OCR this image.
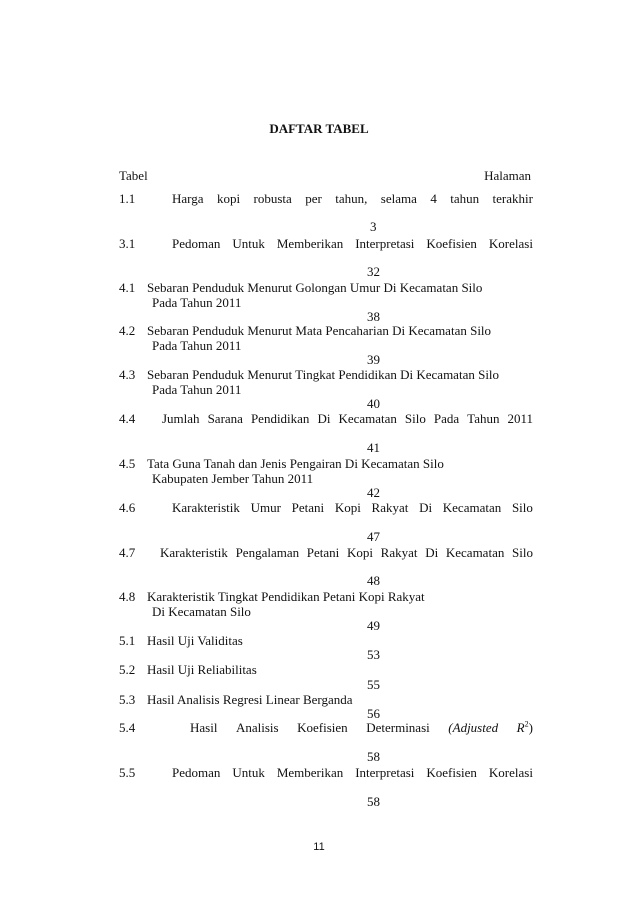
DAFTAR TABEL
Tabel	Halaman
1.1	Harga kopi robusta per tahun, selama 4 tahun terakhir
3
3.1	Pedoman Untuk Memberikan Interpretasi Koefisien Korelasi
32
4.1 Sebaran Penduduk Menurut Golongan Umur Di Kecamatan Silo
Pada Tahun 2011
38
4.2 Sebaran Penduduk Menurut Mata Pencaharian Di Kecamatan Silo
Pada Tahun 2011
39
4.3 Sebaran Penduduk Menurut Tingkat Pendidikan Di Kecamatan Silo
Pada Tahun 2011
40
4.4 Jumlah Sarana Pendidikan Di Kecamatan Silo Pada Tahun 2011
41
4.5 Tata Guna Tanah dan Jenis Pengairan Di Kecamatan Silo
Kabupaten Jember Tahun 2011
42
4.6	Karakteristik Umur Petani Kopi Rakyat Di Kecamatan Silo
47
4.7 Karakteristik Pengalaman Petani Kopi Rakyat Di Kecamatan Silo
48
4.8 Karakteristik Tingkat Pendidikan Petani Kopi Rakyat
Di Kecamatan Silo
49
5.1 Hasil Uji Validitas
53
5.2 Hasil Uji Reliabilitas
55
5.3 Hasil Analisis Regresi Linear Berganda
56
5.4	Hasil Analisis Koefisien Determinasi (Adjusted $R^2$)
58
5.5	Pedoman Untuk Memberikan Interpretasi Koefisien Korelasi
58
11
